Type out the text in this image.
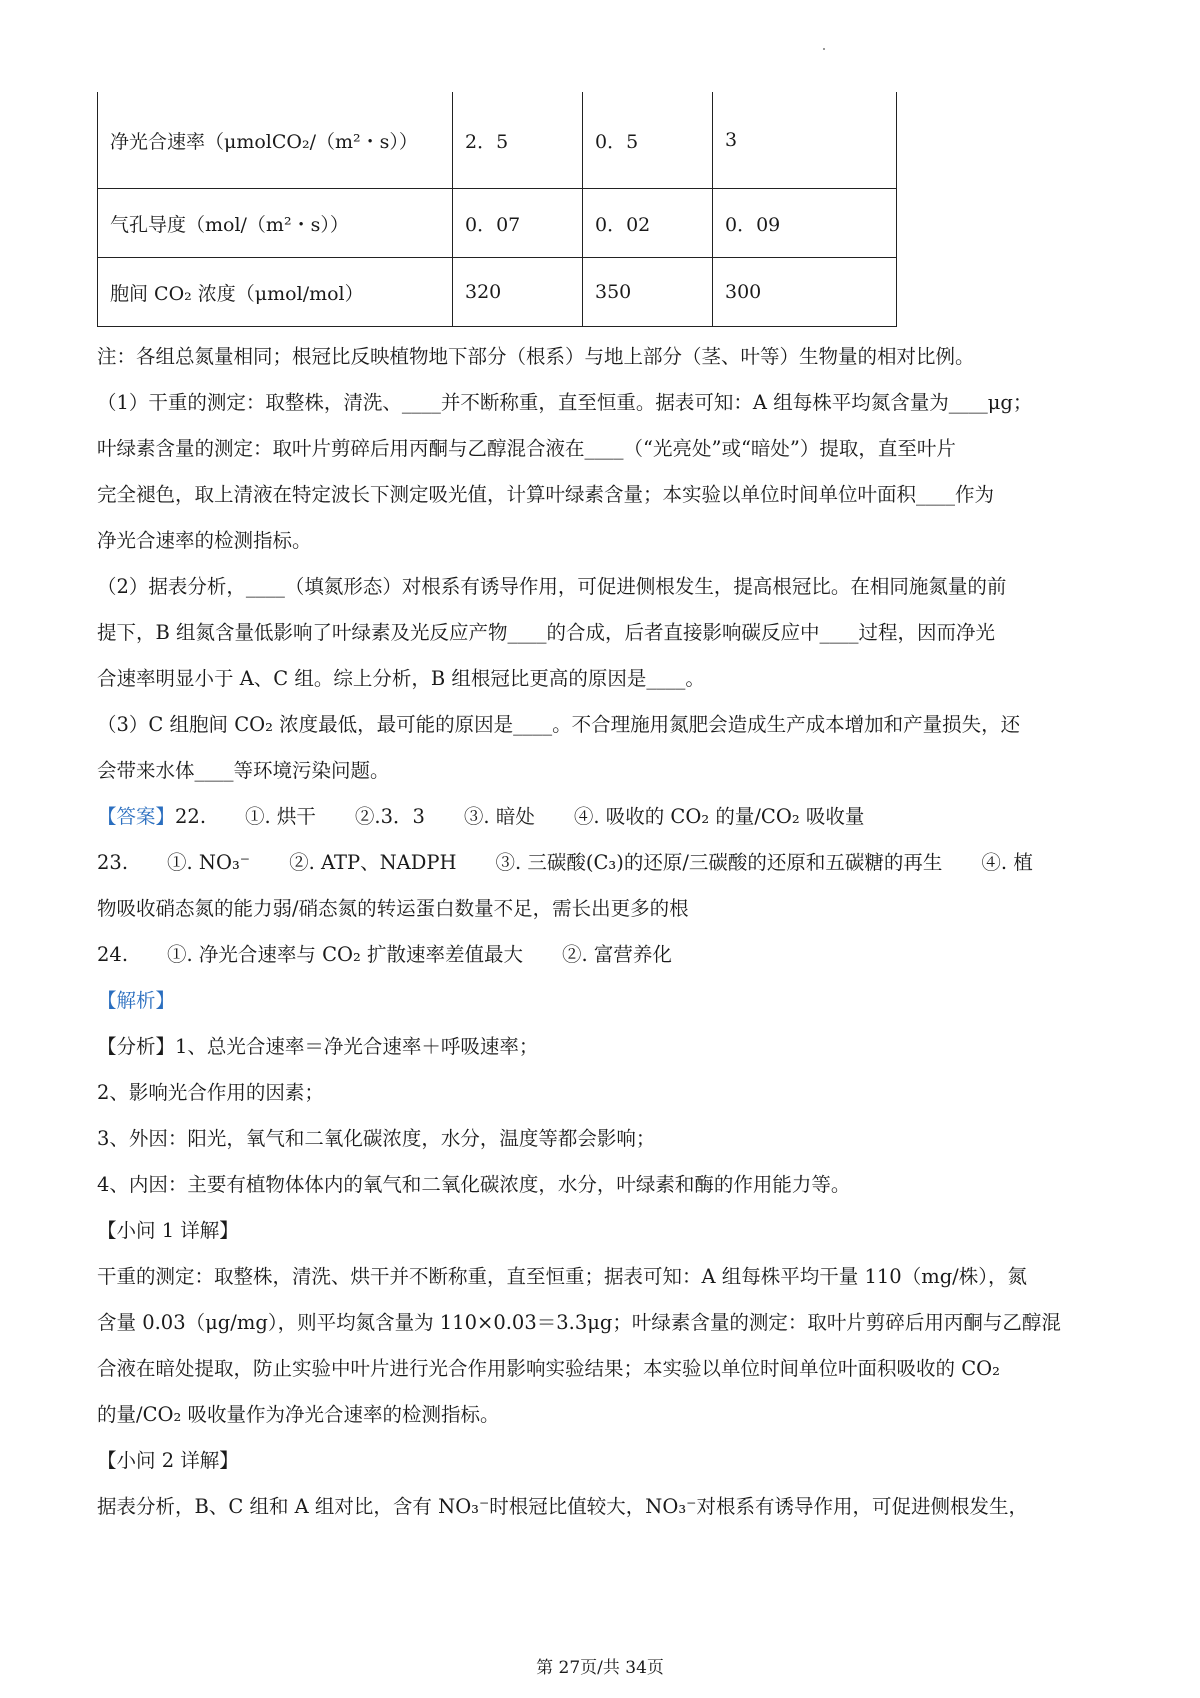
净光合速率（μmolCO₂/（m²・s））	2．5	0．5	3
气孔导度（mol/（m²・s））	0．07	0．02	0．09
胞间 CO₂ 浓度（μmol/mol）	320	350	300
注：各组总氮量相同；根冠比反映植物地下部分（根系）与地上部分（茎、叶等）生物量的相对比例。
（1）干重的测定：取整株，清洗、____并不断称重，直至恒重。据表可知：A 组每株平均氮含量为____μg；
叶绿素含量的测定：取叶片剪碎后用丙酮与乙醇混合液在____（“光亮处”或“暗处”）提取，直至叶片
完全褪色，取上清液在特定波长下测定吸光值，计算叶绿素含量；本实验以单位时间单位叶面积____作为
净光合速率的检测指标。
（2）据表分析，____（填氮形态）对根系有诱导作用，可促进侧根发生，提高根冠比。在相同施氮量的前
提下，B 组氮含量低影响了叶绿素及光反应产物____的合成，后者直接影响碳反应中____过程，因而净光
合速率明显小于 A、C 组。综上分析，B 组根冠比更高的原因是____。
（3）C 组胞间 CO₂ 浓度最低，最可能的原因是____。不合理施用氮肥会造成生产成本增加和产量损失，还
会带来水体____等环境污染问题。
【答案】22.　　①. 烘干　　②.3．3　　③. 暗处　　④. 吸收的 CO₂ 的量/CO₂ 吸收量
23.　　①. NO₃⁻　　②. ATP、NADPH　　③. 三碳酸(C₃)的还原/三碳酸的还原和五碳糖的再生　　④. 植
物吸收硝态氮的能力弱/硝态氮的转运蛋白数量不足，需长出更多的根
24.　　①. 净光合速率与 CO₂ 扩散速率差值最大　　②. 富营养化
【解析】
【分析】1、总光合速率＝净光合速率＋呼吸速率；
2、影响光合作用的因素；
3、外因：阳光，氧气和二氧化碳浓度，水分，温度等都会影响；
4、内因：主要有植物体体内的氧气和二氧化碳浓度，水分，叶绿素和酶的作用能力等。
【小问 1 详解】
干重的测定：取整株，清洗、烘干并不断称重，直至恒重；据表可知：A 组每株平均干量 110（mg/株），氮
含量 0.03（μg/mg），则平均氮含量为 110×0.03＝3.3μg；叶绿素含量的测定：取叶片剪碎后用丙酮与乙醇混
合液在暗处提取，防止实验中叶片进行光合作用影响实验结果；本实验以单位时间单位叶面积吸收的 CO₂
的量/CO₂ 吸收量作为净光合速率的检测指标。
【小问 2 详解】
据表分析，B、C 组和 A 组对比，含有 NO₃⁻时根冠比值较大，NO₃⁻对根系有诱导作用，可促进侧根发生，
第 27页/共 34页
